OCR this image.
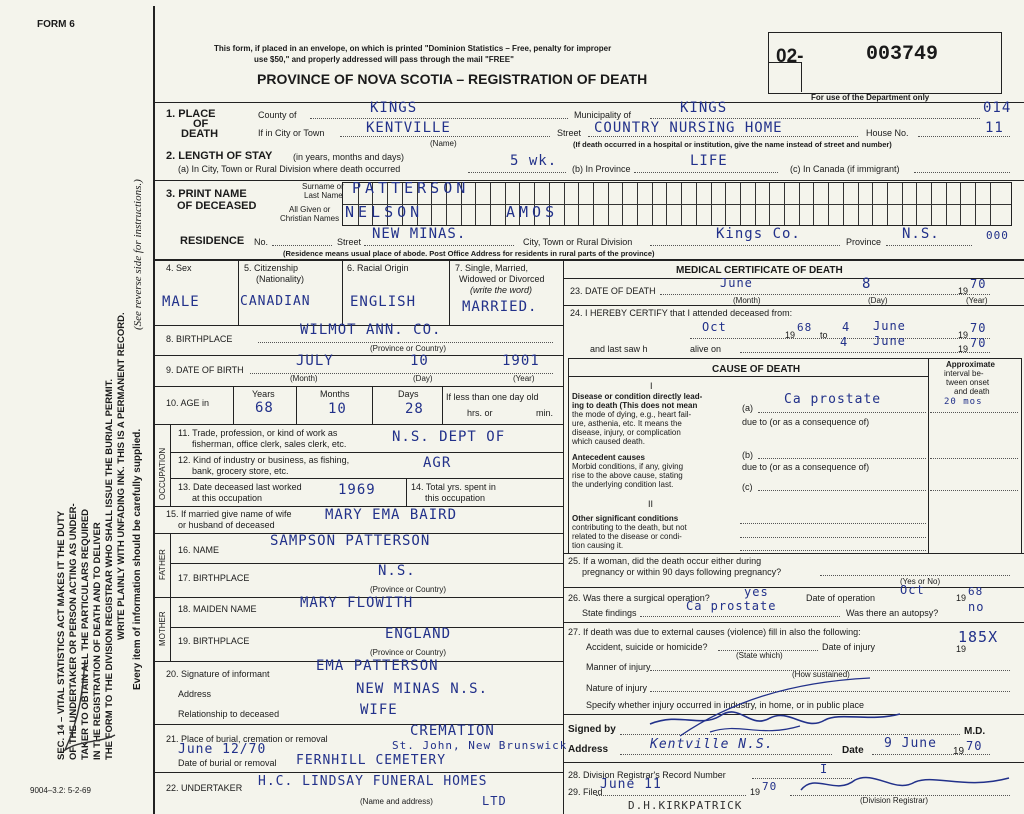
FORM 6
SEC. 14 – VITAL STATISTICS ACT MAKES IT THE DUTY OF THE UNDERTAKER OR PERSON ACTING AS UNDER- TAKER TO OBTAIN ALL THE PARTICULARS REQUIRED IN THE REGISTRATION OF DEATH AND TO DELIVER THE FORM TO THE DIVISION REGISTRAR WHO SHALL ISSUE THE BURIAL PERMIT. WRITE PLAINLY WITH UNFADING INK. THIS IS A PERMANENT RECORD. Every item of information should be carefully supplied.
(See reverse side for instructions.)
9004–3.2: 5-2-69
This form, if placed in an envelope, on which is printed "Dominion Statistics – Free, penalty for improper
use $50," and properly addressed will pass through the mail "FREE"
PROVINCE OF NOVA SCOTIA – REGISTRATION OF DEATH
02-	003749
For use of the Department only
1. PLACE
OF
DEATH
County of	KINGS	Municipality of	KINGS	014
If in City or Town	KENTVILLE
(Name)
Street COUNTRY NURSING HOME	House No.	11
(If death occurred in a hospital or institution, give the name instead of street and number)
2. LENGTH OF STAY (in years, months and days)
(a) In City, Town or Rural Division where death occurred	5 wk. (b) In Province	LIFE	(c) In Canada (if immigrant)
3. PRINT NAME
OF DECEASED
Surname or
Last Name
All Given or
Christian Names
PATTERSON
NELSON	AMOS
RESIDENCE No.	Street NEW MINAS.	City, Town or Rural Division	Kings Co.	Province N.S.	000
(Residence means usual place of abode. Post Office Address for residents in rural parts of the province)
4. Sex
MALE
5. Citizenship
(Nationality)
CANADIAN
6. Racial Origin
ENGLISH
7. Single, Married,
Widowed or Divorced
(write the word)
MARRIED.
8. BIRTHPLACE
WILMOT ANN. CO.
(Province or Country)
9. DATE OF BIRTH
JULY	10	1901
(Month)	(Day)	(Year)
10. AGE in
Years	Months	Days
68	10	28
If less than one day old
hrs. or	min.
OCCUPATION
11. Trade, profession, or kind of work as
fisherman, office clerk, sales clerk, etc.	N.S. DEPT OF
12. Kind of industry or business, as fishing,
bank, grocery store, etc.	AGR
13. Date deceased last worked
at this occupation	1969	14. Total yrs. spent in
this occupation
15. If married give name of wife
or husband of deceased
MARY EMA BAIRD
FATHER 16. NAME
SAMPSON PATTERSON
17. BIRTHPLACE	N.S.
(Province or Country)
MOTHER
18. MAIDEN NAME	MARY FLOWITH
19. BIRTHPLACE	ENGLAND
(Province or Country)
20. Signature of informant	EMA PATTERSON
Address	NEW MINAS N.S.
Relationship to deceased	WIFE
21. Place of burial, cremation or removal	CREMATION
St. John, New Brunswick
Date of burial or removal
June 12/70
FERNHILL CEMETERY
22. UNDERTAKER H.C. LINDSAY FUNERAL HOMES
LTD
(Name and address)
MEDICAL CERTIFICATE OF DEATH
23. DATE OF DEATH
June	8	19 70
(Month)	(Day)	(Year)
24. I HEREBY CERTIFY that I attended deceased from:
Oct
19
68
to
4 June
19 70
and last saw h	alive on	4 June
19 70
CAUSE OF DEATH	Approximate
interval be-
tween onset
and death
I
Disease or condition directly lead-
ing to death (This does not mean
the mode of dying, e.g., heart fail-
ure, asthenia, etc. It means the
disease, injury, or complication
which caused death.
(a)
Ca prostate	20 mos
due to (or as a consequence of)
Antecedent causes
Morbid conditions, if any, giving
rise to the above cause, stating
the underlying condition last.
(b)
due to (or as a consequence of)
(c)
II
Other significant conditions
contributing to the death, but not
related to the disease or condi-
tion causing it.
25. If a woman, did the death occur either during
pregnancy or within 90 days following pregnancy?
(Yes or No)
26. Was there a surgical operation?	yes	Date of operation
Oct
19 68
State findings	Ca prostate	Was there an autopsy? no
27. If death was due to external causes (violence) fill in also the following:	185X
Accident, suicide or homicide?
(State which)
Date of injury	19
Manner of injury
(How sustained)
Nature of injury
Specify whether injury occurred in industry, in home, or in public place
Signed by	M.D.
Address	Kentville N.S.	Date 9 June
19 70
28. Division Registrar's Record Number	I
29. Filed
June 11	19 70
(Division Registrar)
D.H.KIRKPATRICK
